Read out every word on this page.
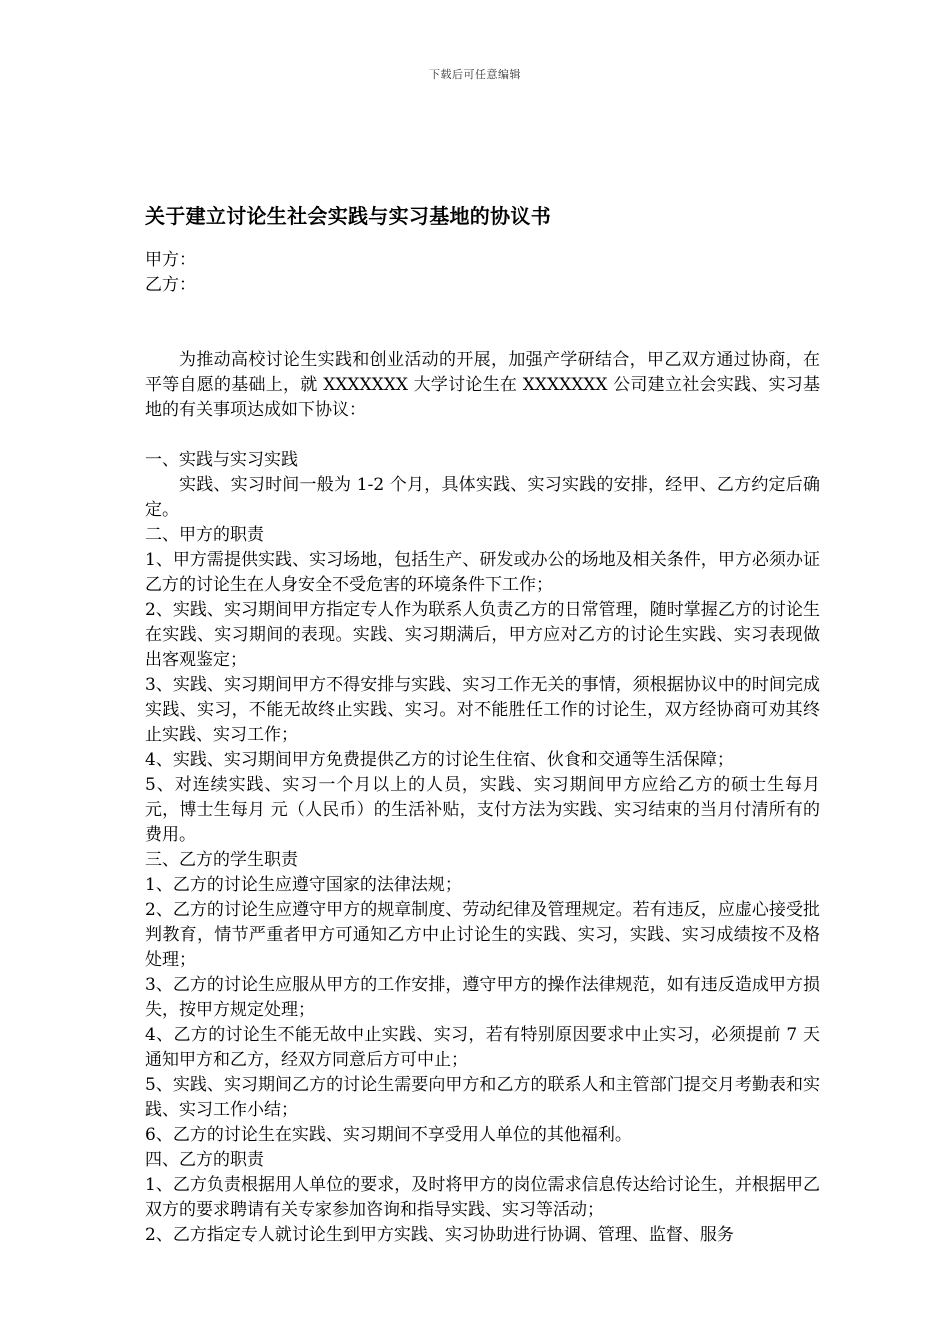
下载后可任意编辑
关于建立讨论生社会实践与实习基地的协议书

甲方：

乙方：

为推动高校讨论生实践和创业活动的开展，加强产学研结合，甲乙双方通过协商，在平等自愿的基础上，就 XXXXXXX 大学讨论生在 XXXXXXX 公司建立社会实践、实习基地的有关事项达成如下协议：

一、实践与实习实践

实践、实习时间一般为 1-2 个月，具体实践、实习实践的安排，经甲、乙方约定后确定。

二、甲方的职责

1、甲方需提供实践、实习场地，包括生产、研发或办公的场地及相关条件，甲方必须办证乙方的讨论生在人身安全不受危害的环境条件下工作；

2、实践、实习期间甲方指定专人作为联系人负责乙方的日常管理，随时掌握乙方的讨论生在实践、实习期间的表现。实践、实习期满后，甲方应对乙方的讨论生实践、实习表现做出客观鉴定；

3、实践、实习期间甲方不得安排与实践、实习工作无关的事情，须根据协议中的时间完成实践、实习，不能无故终止实践、实习。对不能胜任工作的讨论生，双方经协商可劝其终止实践、实习工作；

4、实践、实习期间甲方免费提供乙方的讨论生住宿、伙食和交通等生活保障；

5、对连续实践、实习一个月以上的人员，实践、实习期间甲方应给乙方的硕士生每月 元，博士生每月 元（人民币）的生活补贴，支付方法为实践、实习结束的当月付清所有的费用。

三、乙方的学生职责

1、乙方的讨论生应遵守国家的法律法规；

2、乙方的讨论生应遵守甲方的规章制度、劳动纪律及管理规定。若有违反，应虚心接受批判教育，情节严重者甲方可通知乙方中止讨论生的实践、实习，实践、实习成绩按不及格处理；

3、乙方的讨论生应服从甲方的工作安排，遵守甲方的操作法律规范，如有违反造成甲方损失，按甲方规定处理；

4、乙方的讨论生不能无故中止实践、实习，若有特别原因要求中止实习，必须提前 7 天通知甲方和乙方，经双方同意后方可中止；

5、实践、实习期间乙方的讨论生需要向甲方和乙方的联系人和主管部门提交月考勤表和实践、实习工作小结；

6、乙方的讨论生在实践、实习期间不享受用人单位的其他福利。

四、乙方的职责

1、乙方负责根据用人单位的要求，及时将甲方的岗位需求信息传达给讨论生，并根据甲乙双方的要求聘请有关专家参加咨询和指导实践、实习等活动；

2、乙方指定专人就讨论生到甲方实践、实习协助进行协调、管理、监督、服务
